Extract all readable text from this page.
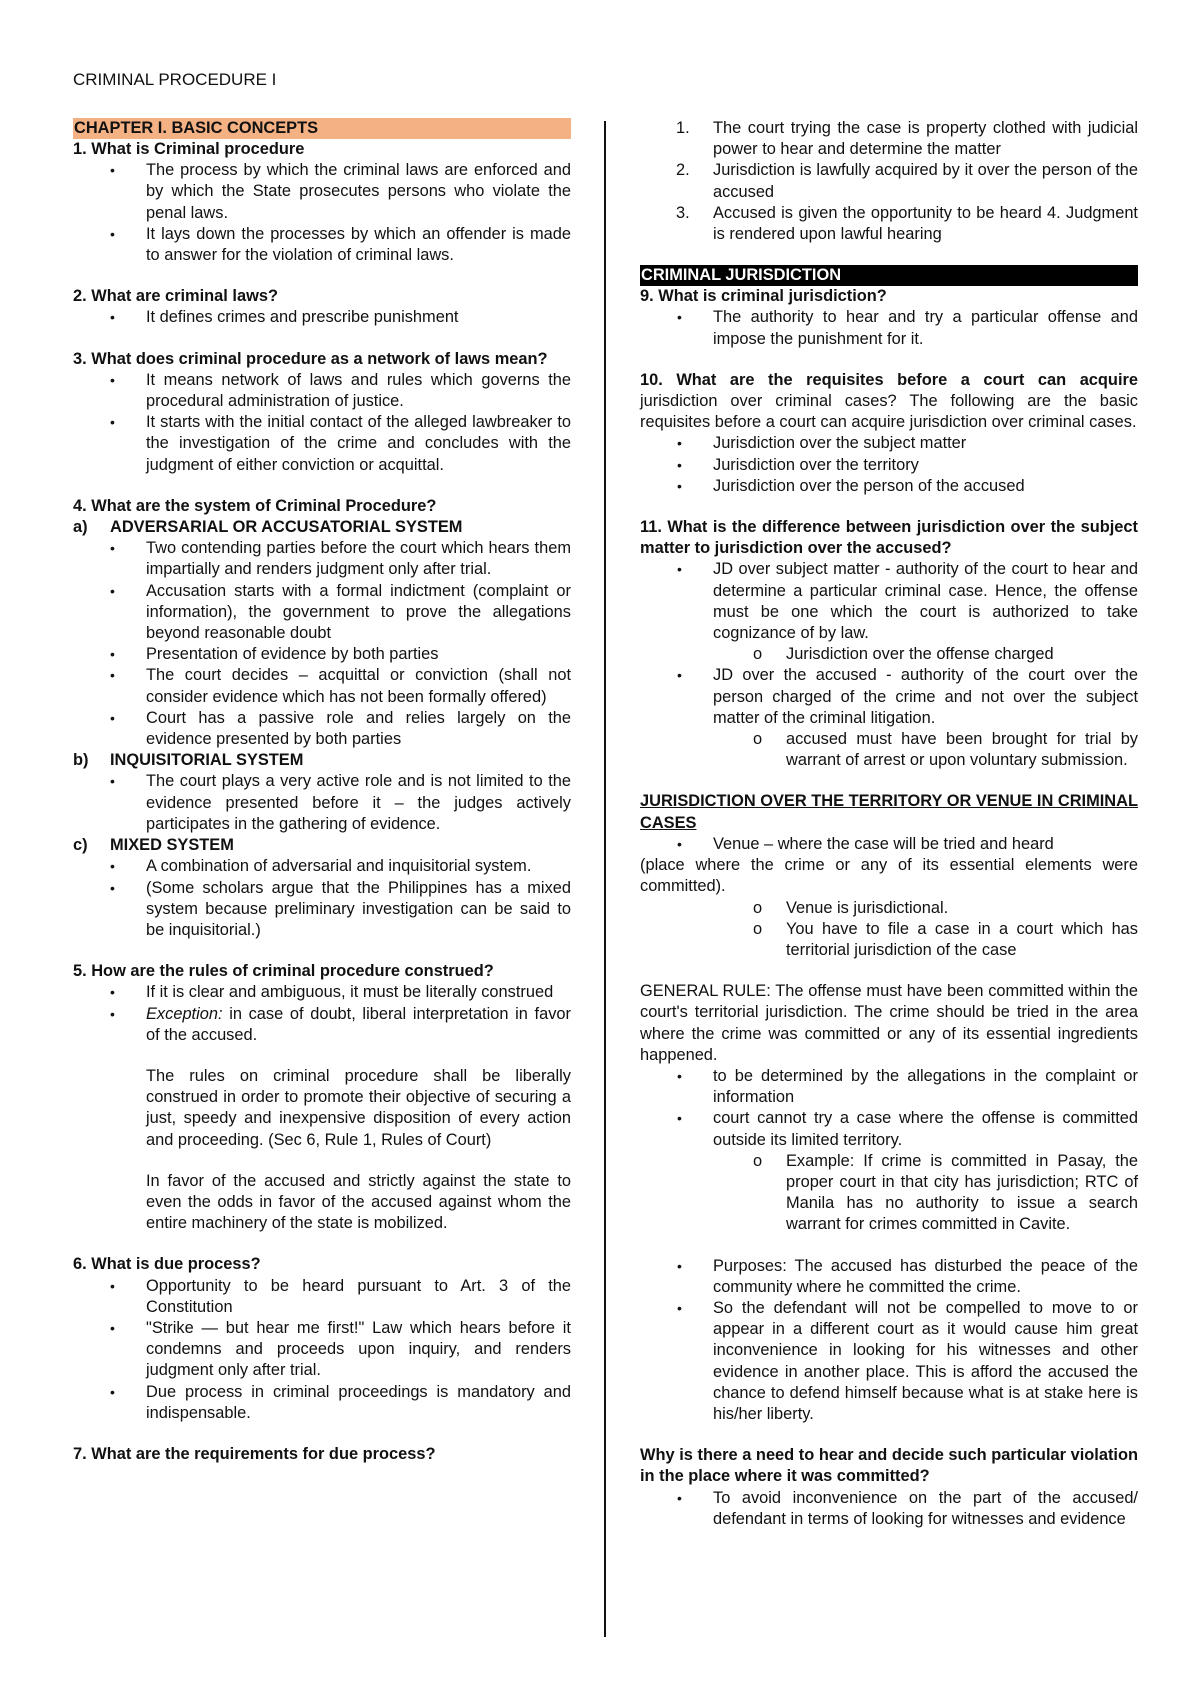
CRIMINAL PROCEDURE I
CHAPTER I. BASIC CONCEPTS
1. What is Criminal procedure
• The process by which the criminal laws are enforced and by which the State prosecutes persons who violate the penal laws.
• It lays down the processes by which an offender is made to answer for the violation of criminal laws.
2. What are criminal laws?
• It defines crimes and prescribe punishment
3. What does criminal procedure as a network of laws mean?
• It means network of laws and rules which governs the procedural administration of justice.
• It starts with the initial contact of the alleged lawbreaker to the investigation of the crime and concludes with the judgment of either conviction or acquittal.
4. What are the system of Criminal Procedure?
a)	ADVERSARIAL OR ACCUSATORIAL SYSTEM
• Two contending parties before the court which hears them impartially and renders judgment only after trial.
• Accusation starts with a formal indictment (complaint or information), the government to prove the allegations beyond reasonable doubt
• Presentation of evidence by both parties
• The court decides – acquittal or conviction (shall not consider evidence which has not been formally offered)
• Court has a passive role and relies largely on the evidence presented by both parties
b)	INQUISITORIAL SYSTEM
• The court plays a very active role and is not limited to the evidence presented before it – the judges actively participates in the gathering of evidence.
c)	MIXED SYSTEM
• A combination of adversarial and inquisitorial system.
• (Some scholars argue that the Philippines has a mixed system because preliminary investigation can be said to be inquisitorial.)
5. How are the rules of criminal procedure construed?
• If it is clear and ambiguous, it must be literally construed
• Exception: in case of doubt, liberal interpretation in favor of the accused.
The rules on criminal procedure shall be liberally construed in order to promote their objective of securing a just, speedy and inexpensive disposition of every action and proceeding. (Sec 6, Rule 1, Rules of Court)
In favor of the accused and strictly against the state to even the odds in favor of the accused against whom the entire machinery of the state is mobilized.
6. What is due process?
• Opportunity to be heard pursuant to Art. 3 of the Constitution
• "Strike — but hear me first!" Law which hears before it condemns and proceeds upon inquiry, and renders judgment only after trial.
• Due process in criminal proceedings is mandatory and indispensable.
7. What are the requirements for due process?
The court trying the case is property clothed with judicial power to hear and determine the matter
Jurisdiction is lawfully acquired by it over the person of the accused
Accused is given the opportunity to be heard 4. Judgment is rendered upon lawful hearing
CRIMINAL JURISDICTION
9. What is criminal jurisdiction?
• The authority to hear and try a particular offense and impose the punishment for it.
10. What are the requisites before a court can acquire jurisdiction over criminal cases? The following are the basic requisites before a court can acquire jurisdiction over criminal cases.
• Jurisdiction over the subject matter
• Jurisdiction over the territory
• Jurisdiction over the person of the accused
11. What is the difference between jurisdiction over the subject matter to jurisdiction over the accused?
• JD over subject matter - authority of the court to hear and determine a particular criminal case. Hence, the offense must be one which the court is authorized to take cognizance of by law.
o Jurisdiction over the offense charged
• JD over the accused - authority of the court over the person charged of the crime and not over the subject matter of the criminal litigation.
o accused must have been brought for trial by warrant of arrest or upon voluntary submission.
JURISDICTION OVER THE TERRITORY OR VENUE IN CRIMINAL CASES
• Venue – where the case will be tried and heard
(place where the crime or any of its essential elements were committed).
o Venue is jurisdictional.
o You have to file a case in a court which has territorial jurisdiction of the case
GENERAL RULE: The offense must have been committed within the court's territorial jurisdiction. The crime should be tried in the area where the crime was committed or any of its essential ingredients happened.
• to be determined by the allegations in the complaint or information
• court cannot try a case where the offense is committed outside its limited territory.
o Example: If crime is committed in Pasay, the proper court in that city has jurisdiction; RTC of Manila has no authority to issue a search warrant for crimes committed in Cavite.
• Purposes: The accused has disturbed the peace of the community where he committed the crime.
• So the defendant will not be compelled to move to or appear in a different court as it would cause him great inconvenience in looking for his witnesses and other evidence in another place. This is afford the accused the chance to defend himself because what is at stake here is his/her liberty.
Why is there a need to hear and decide such particular violation in the place where it was committed?
• To avoid inconvenience on the part of the accused/ defendant in terms of looking for witnesses and evidence
